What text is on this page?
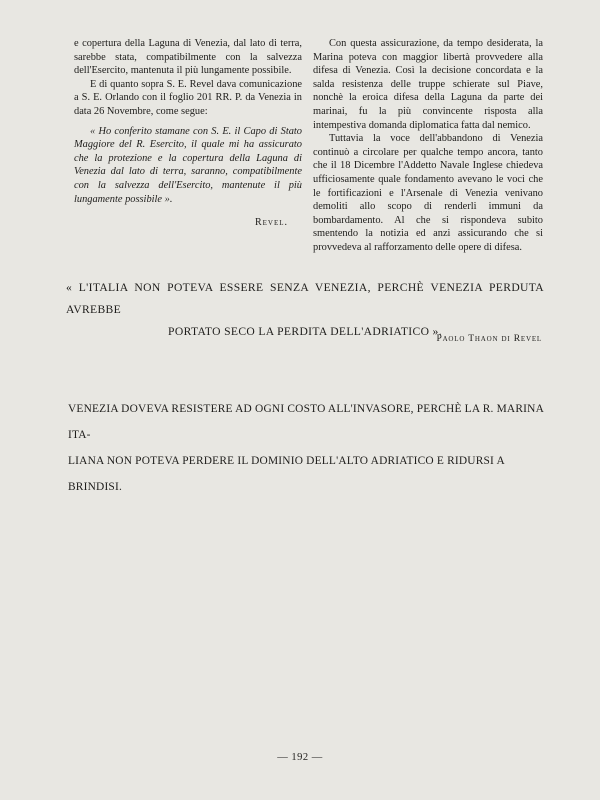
e copertura della Laguna di Venezia, dal lato di terra, sarebbe stata, compatibilmente con la salvezza dell'Esercito, mantenuta il più lungamente possibile.

E di quanto sopra S. E. Revel dava comunicazione a S. E. Orlando con il foglio 201 RR. P. da Venezia in data 26 Novembre, come segue:

« Ho conferito stamane con S. E. il Capo di Stato Maggiore del R. Esercito, il quale mi ha assicurato che la protezione e la copertura della Laguna di Venezia dal lato di terra, saranno, compatibilmente con la salvezza dell'Esercito, mantenute il più lungamente possibile ».

Revel.

Con questa assicurazione, da tempo desiderata, la Marina poteva con maggior libertà provvedere alla difesa di Venezia. Così la decisione concordata e la salda resistenza delle truppe schierate sul Piave, nonchè la eroica difesa della Laguna da parte dei marinai, fu la più convincente risposta alla intempestiva domanda diplomatica fatta dal nemico.

Tuttavia la voce dell'abbandono di Venezia continuò a circolare per qualche tempo ancora, tanto che il 18 Dicembre l'Addetto Navale Inglese chiedeva ufficiosamente quale fondamento avevano le voci che le fortificazioni e l'Arsenale di Venezia venivano demoliti allo scopo di renderli immuni da bombardamento. Al che si rispondeva subito smentendo la notizia ed anzi assicurando che si provvedeva al rafforzamento delle opere di difesa.

« L'ITALIA NON POTEVA ESSERE SENZA VENEZIA, PERCHÈ VENEZIA PERDUTA AVREBBE
PORTATO SECO LA PERDITA DELL'ADRIATICO ».
Paolo Thaon di Revel
VENEZIA DOVEVA RESISTERE AD OGNI COSTO ALL'INVASORE, PERCHÈ LA R. MARINA ITA-
LIANA NON POTEVA PERDERE IL DOMINIO DELL'ALTO ADRIATICO E RIDURSI A BRINDISI.
— 192 —
